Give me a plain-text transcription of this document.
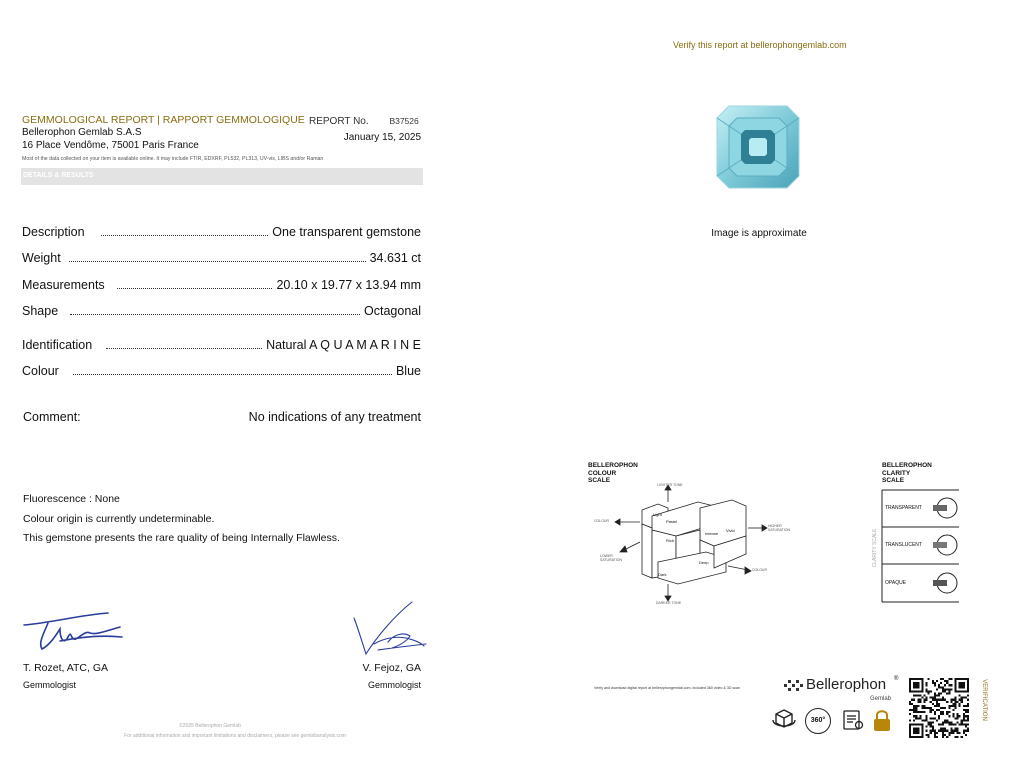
GEMMOLOGICAL REPORT | RAPPORT GEMMOLOGIQUE
Bellerophon Gemlab S.A.S
16 Place Vendôme, 75001 Paris France
REPORT No. B37526
January 15, 2025
Most of the data collected on your item is available online. It may include FTIR, EDXRF, PL532, PL313, UV-vis, LIBS and/or Raman
DETAILS & RESULTS
Verify this report at bellerophongemlab.com
Description	One transparent gemstone
Weight	34.631 ct
Measurements	20.10 x 19.77 x 13.94 mm
Shape	Octagonal
Identification	Natural A Q U A M A R I N E
Colour	Blue
Comment:	No indications of any treatment
Fluorescence : None
Colour origin is currently undeterminable.
This gemstone presents the rare quality of being Internally Flawless.
Image is approximate
BELLEROPHON
COLOUR
SCALE
LIGHTER TONE
COLOUR
HIGHER SATURATION
LOWER SATURATION
COLOUR
DARKER TONE
Light
Pastel
Vivid
Intense
Rich
Deep
Dark
BELLEROPHON
CLARITY
SCALE
CLARITY SCALE
TRANSPARENT
TRANSLUCENT
OPAQUE
T. Rozet, ATC, GA
Gemmologist
V. Fejoz, GA
Gemmologist
©2025 Bellerophon Gemlab
For additional information and important limitations and disclaimers, please see gemlabanalysis.com
Verify and download digital report at bellerophongemlab.com, included 360 video & 3D scan	Bellerophon ®
Gemlab
360°	VERIFICATION
